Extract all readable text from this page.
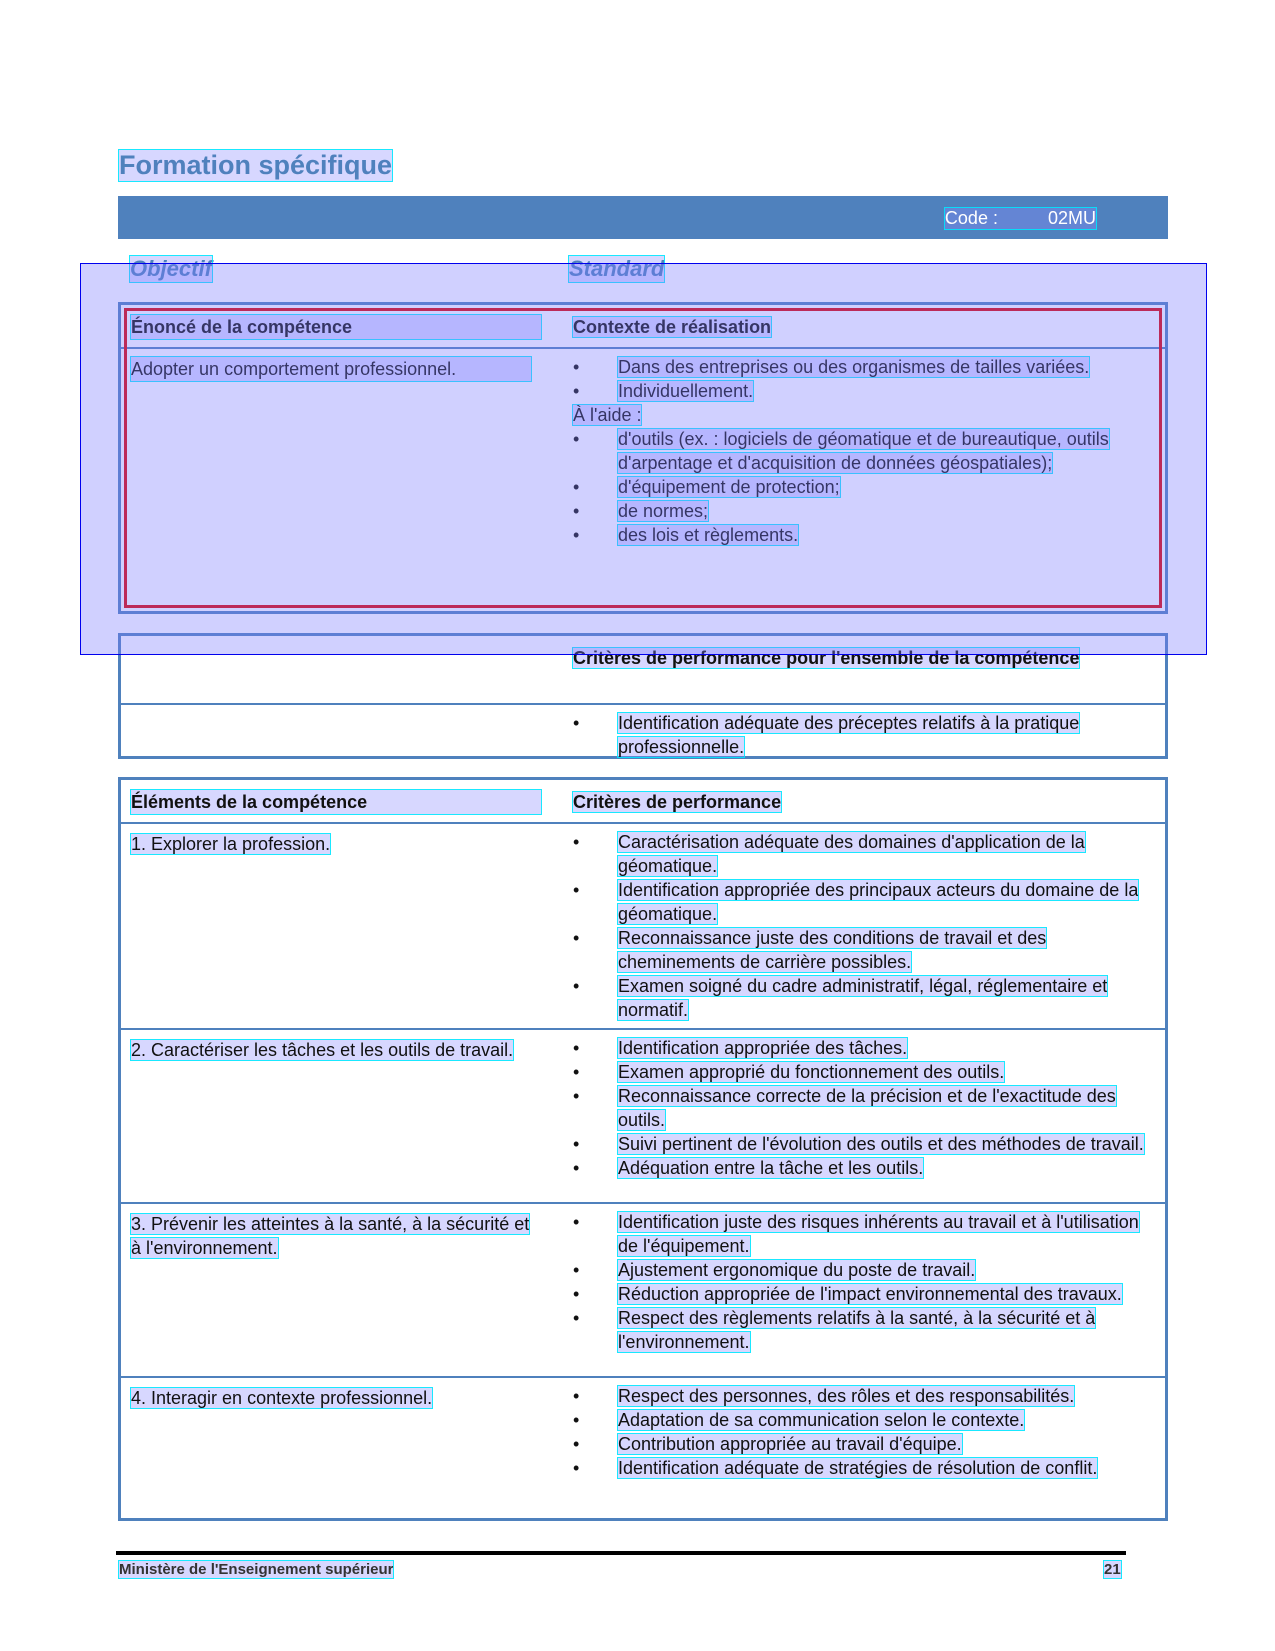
Formation spécifique
Code :	02MU
Objectif	Standard
Énoncé de la compétence	Contexte de réalisation
Adopter un comportement professionnel.	• Dans des entreprises ou des organismes de tailles variées.
• Individuellement.
À l'aide :
• d'outils (ex. : logiciels de géomatique et de bureautique, outils d'arpentage et d'acquisition de données géospatiales);
• d'équipement de protection;
• de normes;
• des lois et règlements.
Critères de performance pour l'ensemble de la compétence
• Identification adéquate des préceptes relatifs à la pratique professionnelle.
Éléments de la compétence	Critères de performance
1. Explorer la profession.	• Caractérisation adéquate des domaines d'application de la géomatique.
• Identification appropriée des principaux acteurs du domaine de la géomatique.
• Reconnaissance juste des conditions de travail et des cheminements de carrière possibles.
• Examen soigné du cadre administratif, légal, réglementaire et normatif.
2. Caractériser les tâches et les outils de travail.	• Identification appropriée des tâches.
• Examen approprié du fonctionnement des outils.
• Reconnaissance correcte de la précision et de l'exactitude des outils.
• Suivi pertinent de l'évolution des outils et des méthodes de travail.
• Adéquation entre la tâche et les outils.
3. Prévenir les atteintes à la santé, à la sécurité et à l'environnement.
• Identification juste des risques inhérents au travail et à l'utilisation de l'équipement.
• Ajustement ergonomique du poste de travail.
• Réduction appropriée de l'impact environnemental des travaux.
• Respect des règlements relatifs à la santé, à la sécurité et à l'environnement.
4. Interagir en contexte professionnel.	• Respect des personnes, des rôles et des responsabilités.
• Adaptation de sa communication selon le contexte.
• Contribution appropriée au travail d'équipe.
• Identification adéquate de stratégies de résolution de conflit.
Ministère de l'Enseignement supérieur	21
